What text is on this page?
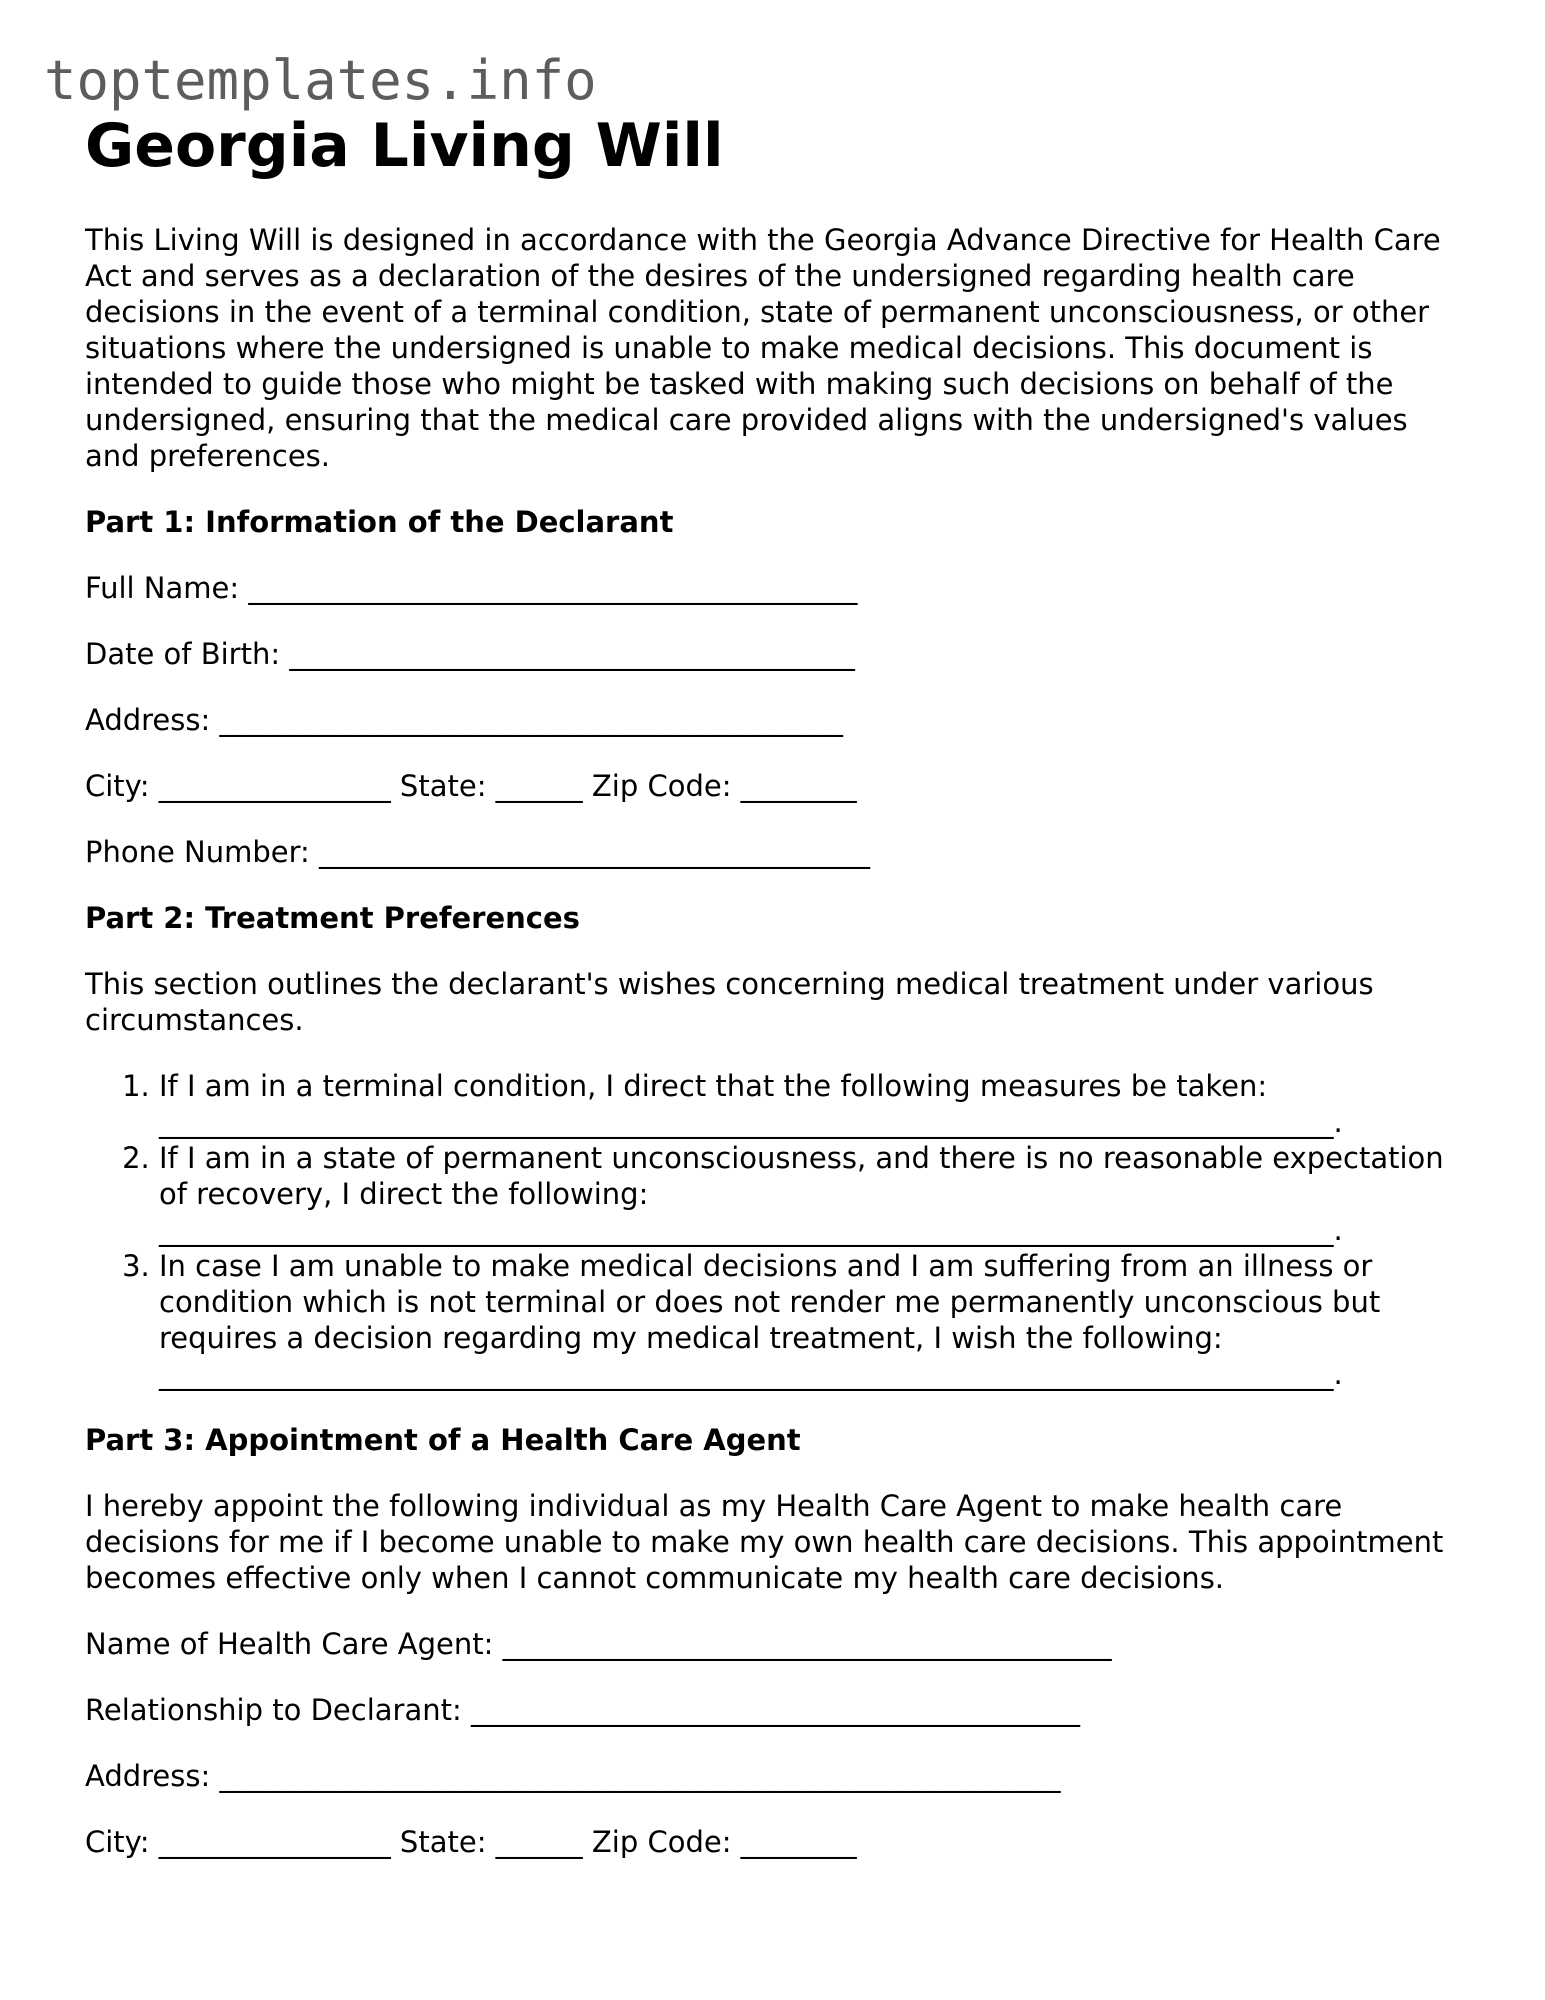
toptemplates.info
Georgia Living Will

This Living Will is designed in accordance with the Georgia Advance Directive for Health Care Act and serves as a declaration of the desires of the undersigned regarding health care decisions in the event of a terminal condition, state of permanent unconsciousness, or other situations where the undersigned is unable to make medical decisions. This document is intended to guide those who might be tasked with making such decisions on behalf of the undersigned, ensuring that the medical care provided aligns with the undersigned's values and preferences.

Part 1: Information of the Declarant
Full Name: __________________________________________
Date of Birth: _______________________________________
Address: ___________________________________________
City: ________________ State: ______ Zip Code: ________
Phone Number: ______________________________________
Part 2: Treatment Preferences

This section outlines the declarant's wishes concerning medical treatment under various circumstances.

1. If I am in a terminal condition, I direct that the following measures be taken:
_________________________________________________________________________________.
2. If I am in a state of permanent unconsciousness, and there is no reasonable expectation of recovery, I direct the following:
_________________________________________________________________________________.
3. In case I am unable to make medical decisions and I am suffering from an illness or condition which is not terminal or does not render me permanently unconscious but requires a decision regarding my medical treatment, I wish the following:
_________________________________________________________________________________.
Part 3: Appointment of a Health Care Agent

I hereby appoint the following individual as my Health Care Agent to make health care decisions for me if I become unable to make my own health care decisions. This appointment becomes effective only when I cannot communicate my health care decisions.

Name of Health Care Agent: __________________________________________
Relationship to Declarant: __________________________________________
Address: __________________________________________________________
City: ________________ State: ______ Zip Code: ________
